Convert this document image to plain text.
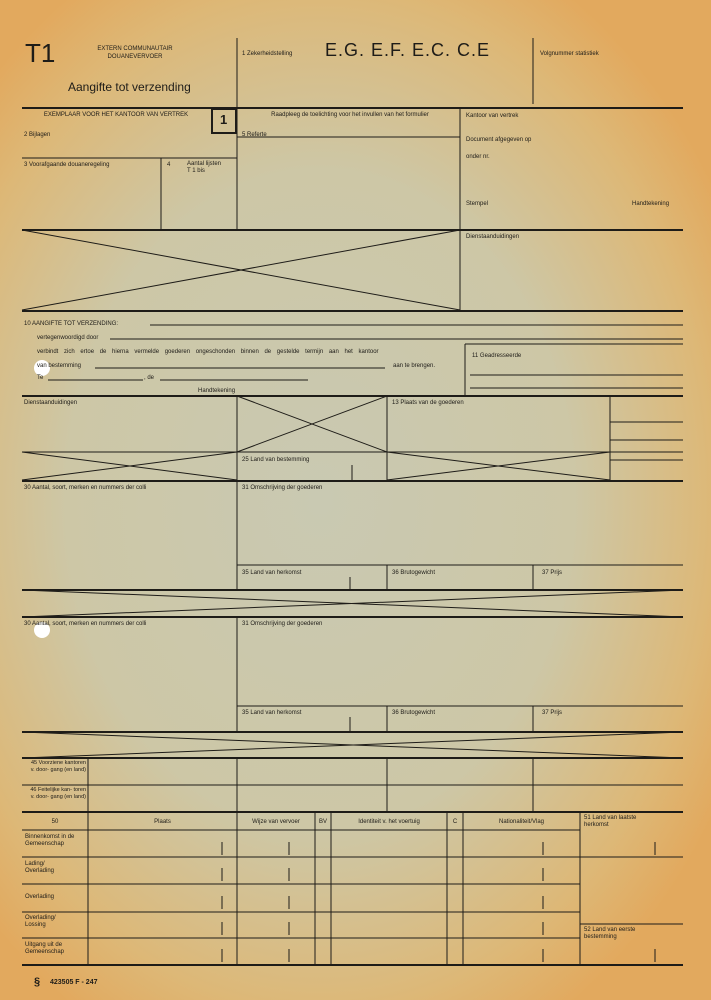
T1	EXTERN COMMUNAUTAIR
DOUANEVERVOER
Aangifte tot verzending
1 Zekerheidstelling E.G. E.F. E.C. C.E	Volgnummer statistiek
EXEMPLAAR VOOR HET KANTOOR VAN VERTREK	1	Raadpleeg de toelichting voor het invullen van het formulier
2 Bijlagen
3 Voorafgaande douaneregeling	4	Aantal lijsten T 1 bis
5 Referte
Kantoor van vertrek
Document afgegeven op
onder nr.
Stempel	Handtekening
Dienstaanduidingen
10 AANGIFTE TOT VERZENDING:
vertegenwoordigd door
verbindt zich ertoe de hierna vermelde goederen ongeschonden binnen de gestelde termijn aan het kantoor
van bestemming	aan te brengen.
Te	, de
Handtekening
11 Geadresseerde
Dienstaanduidingen	13 Plaats van de goederen
25 Land van bestemming
30 Aantal, soort, merken en nummers der colli	31 Omschrijving der goederen
35 Land van herkomst	36 Brutogewicht	37 Prijs
30 Aantal, soort, merken en nummers der colli	31 Omschrijving der goederen
35 Land van herkomst	36 Brutogewicht	37 Prijs
45 Voorziene kantoren v. door- gang (en land)
46 Feitelijke kan- toren v. door- gang (en land)
50	Plaats	Wijze van vervoer	BV	Identiteit v. het voertuig	C	Nationaliteit/Vlag
51 Land van laatste herkomst
52 Land van eerste bestemming
Binnenkomst in de Gemeenschap
Lading/ Overlading
Overlading
Overlading/ Lossing
Uitgang uit de Gemeenschap
§ 423505 F - 247
